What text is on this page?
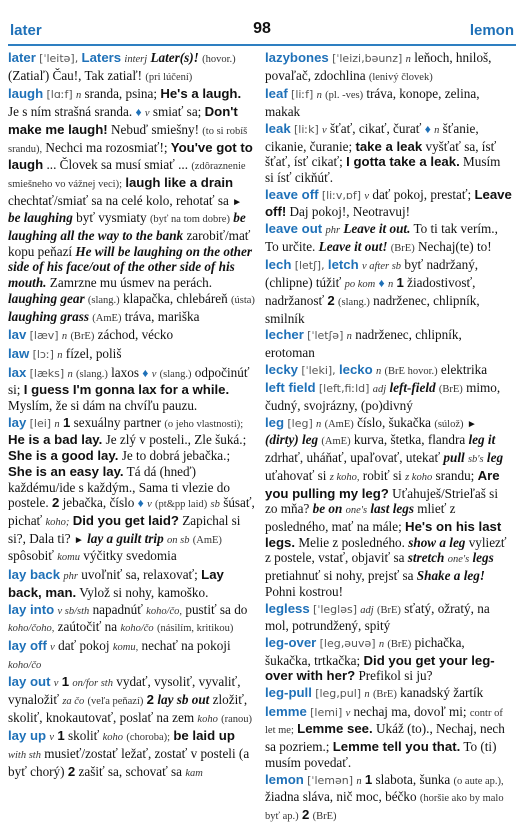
later	98	lemon
later [ˈleitə], Laters interj Later(s)! (hovor.) (Zatiaľ) Čau!, Tak zatiaľ! (pri lúčení)
laugh [lɑːf] n sranda, psina; He's a laugh. Je s ním strašná sranda. ♦ v smiať sa; Don't make me laugh! Nebuď smiešny! (to si robíš srandu), Nechci ma rozosmiať!; You've got to laugh ... Človek sa musí smiať ... (zdôraznenie smiešneho vo vážnej veci); laugh like a drain chechtať/smiať sa na celé kolo, rehotať sa ► be laughing byť vysmiaty (byť na tom dobre) be laughing all the way to the bank zarobiť/mať kopu peňazí He will be laughing on the other side of his face/out of the other side of his mouth. Zamrzne mu úsmev na perách. laughing gear (slang.) klapačka, chlebáreň (ústa) laughing grass (AmE) tráva, mariška
lav [læv] n (BrE) záchod, vécko
law [lɔː] n fízel, poliš
lax [læks] n (slang.) laxos ♦ v (slang.) odpočinúť si; I guess I'm gonna lax for a while. Myslím, že si dám na chvíľu pauzu.
lay [lei] n 1 sexuálny partner (o jeho vlastnosti); He is a bad lay. Je zlý v posteli., Zle šuká.; She is a good lay. Je to dobrá jebačka.; She is an easy lay. Tá dá (hneď) každému/ide s každým., Sama ti vlezie do postele. 2 jebačka, číslo ♦ v (pt&pp laid) sb šúsať, pichať koho; Did you get laid? Zapichal si si?, Dala ti? ► lay a guilt trip on sb (AmE) spôsobiť komu výčitky svedomia
lay back phr uvoľniť sa, relaxovať; Lay back, man. Vylož si nohy, kamoško.
lay into v sb/sth napadnúť koho/čo, pustiť sa do koho/čoho, zaútočiť na koho/čo (násilím, kritikou)
lay off v dať pokoj komu, nechať na pokoji koho/čo
lay out v 1 on/for sth vydať, vysoliť, vyvaliť, vynaložiť za čo (veľa peňazí) 2 lay sb out zložiť, skoliť, knokautovať, poslať na zem koho (ranou)
lay up v 1 skoliť koho (choroba); be laid up with sth musieť/zostať ležať, zostať v posteli (a byť chorý) 2 zašiť sa, schovať sa kam
lazybones [ˈleizi‚bəunz] n leňoch, hniloš, povaľač, zdochlina (lenivý človek)
leaf [liːf] n (pl. -ves) tráva, konope, zelina, makak
leak [liːk] v šťať, cikať, čurať ♦ n šťanie, cikanie, čuranie; take a leak vyšťať sa, ísť šťať, ísť cikať; I gotta take a leak. Musím si ísť cikňúť.
leave off [liːv‚ɒf] v dať pokoj, prestať; Leave off! Daj pokoj!, Neotravuj!
leave out phr Leave it out. To ti tak verím., To určite. Leave it out! (BrE) Nechaj(te) to!
lech [letʃ], letch v after sb byť nadržaný, (chlipne) túžiť po kom ♦ n 1 žiadostivosť, nadržanosť 2 (slang.) nadrženec, chlipník, smilník
lecher [ˈletʃə] n nadrženec, chlipník, erotoman
lecky [ˈleki], lecko n (BrE hovor.) elektrika
left field [left‚fiːld] adj left-field (BrE) mimo, čudný, svojrázny, (po)divný
leg [leg] n (AmE) číslo, šukačka (súlož) ► (dirty) leg (AmE) kurva, štetka, flandra leg it zdrhať, uháňať, upaľovať, utekať pull sb's leg uťahovať si z koho, robiť si z koho srandu; Are you pulling my leg? Uťahuješ/Strieľaš si zo mňa? be on one's last legs mlieť z posledného, mať na mále; He's on his last legs. Melie z posledného. show a leg vyliezť z postele, vstať, objaviť sa stretch one's legs pretiahnuť si nohy, prejsť sa Shake a leg! Pohni kostrou!
legless [ˈlegləs] adj (BrE) sťatý, ožratý, na mol, potrundžený, spitý
leg-over [leg‚əuvə] n (BrE) pichačka, šukačka, trtkačka; Did you get your leg-over with her? Prefikol si ju?
leg-pull [leg‚pul] n (BrE) kanadský žartík
lemme [lemi] v nechaj ma, dovoľ mi; contr of let me; Lemme see. Ukáž (to)., Nechaj, nech sa pozriem.; Lemme tell you that. To (ti) musím povedať.
lemon [ˈlemən] n 1 slabota, šunka (o aute ap.), žiadna sláva, nič moc, béčko (horšie ako by malo byť ap.) 2 (BrE)
